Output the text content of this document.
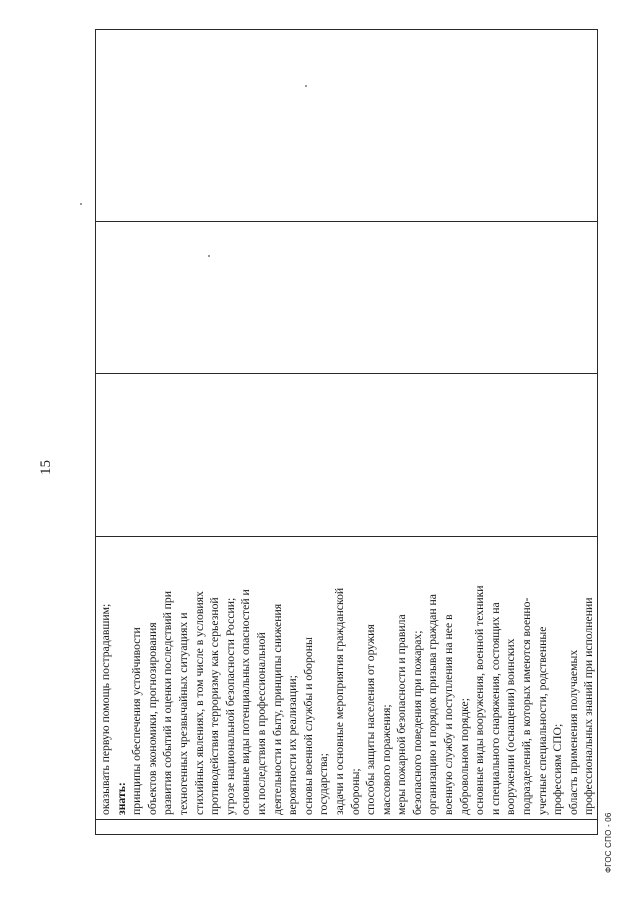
15

оказывать первую помощь пострадавшим; знать: принципы обеспечения устойчивости объектов экономики, прогнозирования развития событий и оценки последствий при техногенных чрезвычайных ситуациях и стихийных явлениях, в том числе в условиях противодействия терроризму как серьезной угрозе национальной безопасности России; основные виды потенциальных опасностей и их последствия в профессиональной деятельности и быту, принципы снижения вероятности их реализации; основы военной службы и обороны государства; задачи и основные мероприятия гражданской обороны; способы защиты населения от оружия массового поражения; меры пожарной безопасности и правила безопасного поведения при пожарах; организацию и порядок призыва граждан на военную службу и поступления на нее в добровольном порядке; основные виды вооружения, военной техники и специального снаряжения, состоящих на вооружении (оснащении) воинских подразделений, в которых имеются военно- учетные специальности, родственные профессиям СПО; область применения получаемых профессиональных знаний при исполнении

ФГОС СПО - 06
